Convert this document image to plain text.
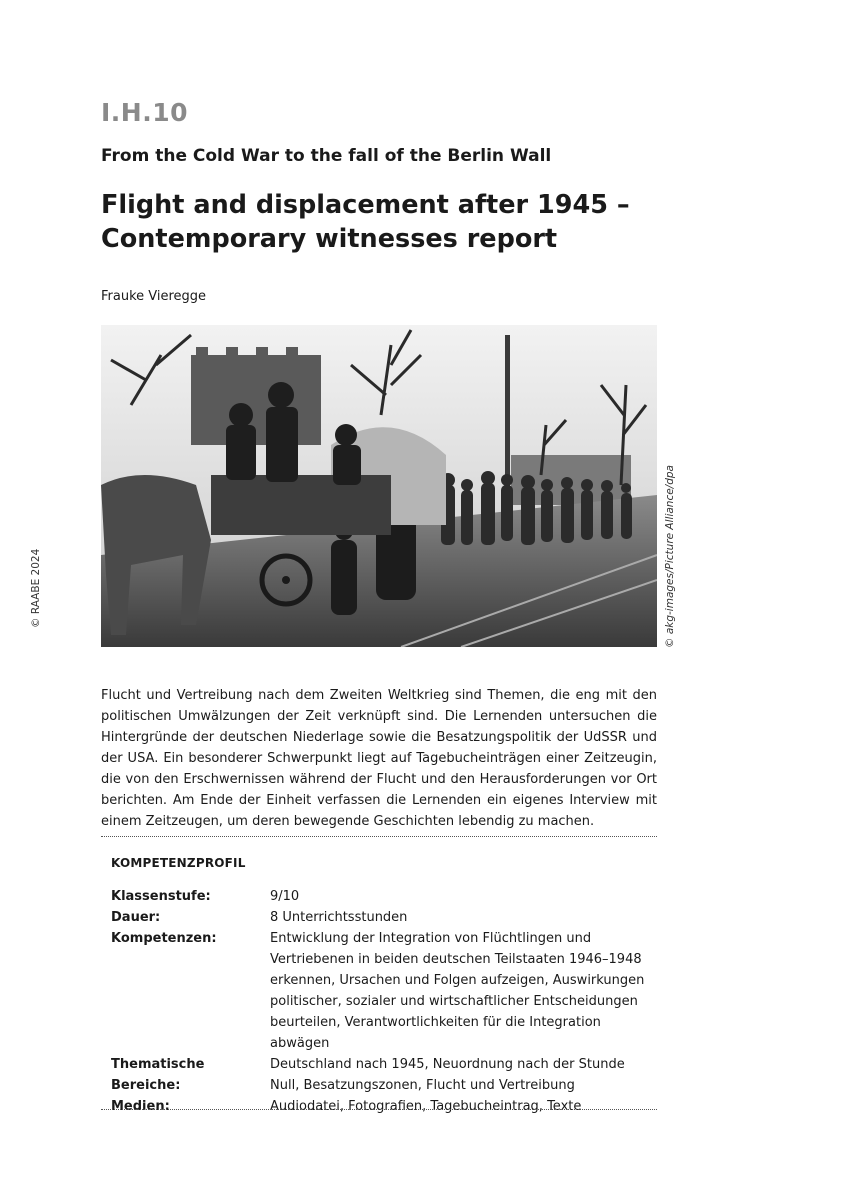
I.H.10
From the Cold War to the fall of the Berlin Wall
Flight and displacement after 1945 –
Contemporary witnesses report
Frauke Vieregge
© RAABE 2024	© akg-images/Picture Alliance/dpa

Flucht und Vertreibung nach dem Zweiten Weltkrieg sind Themen, die eng mit den politischen Umwälzungen der Zeit verknüpft sind. Die Lernenden untersuchen die Hintergründe der deutschen Niederlage sowie die Besatzungspolitik der UdSSR und der USA. Ein besonderer Schwerpunkt liegt auf Tagebucheinträgen einer Zeitzeugin, die von den Erschwernissen während der Flucht und den Herausforderungen vor Ort berichten. Am Ende der Einheit verfassen die Lernenden ein eigenes Interview mit einem Zeitzeugen, um deren bewegende Geschichten lebendig zu machen.

KOMPETENZPROFIL
Klassenstufe:	9/10
Dauer:	8 Unterrichtsstunden
Kompetenzen:	Entwicklung der Integration von Flüchtlingen und Vertriebenen in beiden deutschen Teilstaaten 1946–1948 erkennen, Ursachen und Folgen aufzeigen, Auswirkungen politischer, sozialer und wirtschaftlicher Entscheidungen beurteilen, Verantwortlichkeiten für die Integration abwägen
Thematische Bereiche:
Deutschland nach 1945, Neuordnung nach der Stunde Null, Besatzungszonen, Flucht und Vertreibung
Medien:	Audiodatei, Fotografien, Tagebucheintrag, Texte
